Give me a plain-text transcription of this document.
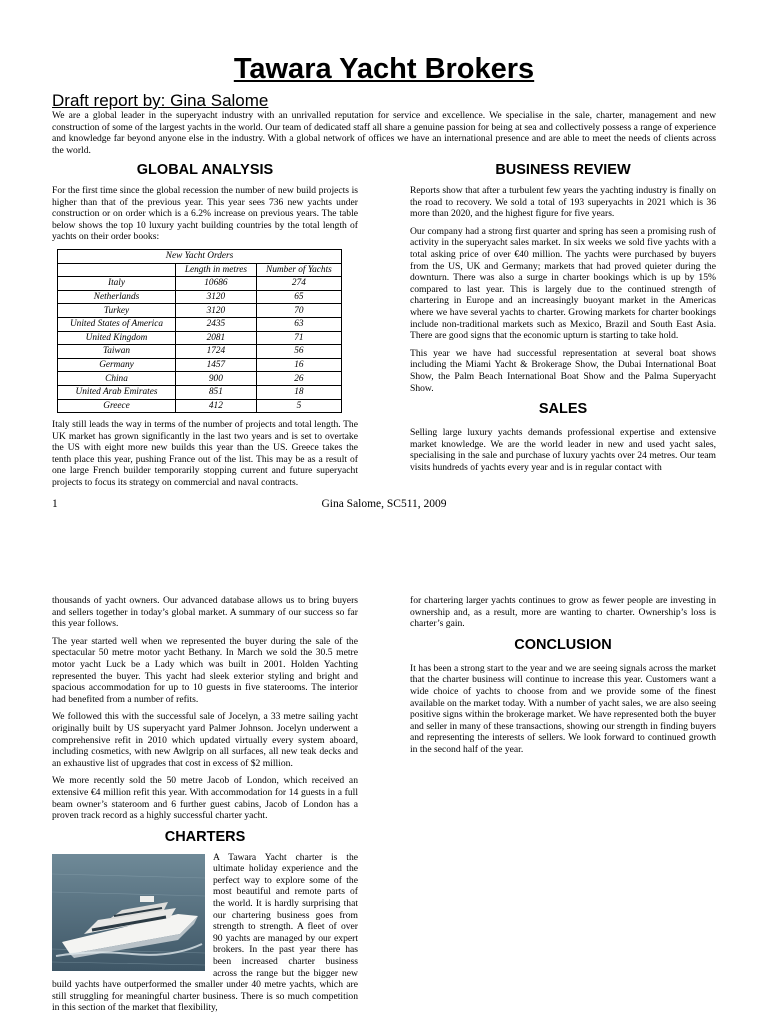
Tawara Yacht Brokers
Draft report by: Gina Salome

We are a global leader in the superyacht industry with an unrivalled reputation for service and excellence. We specialise in the sale, charter, management and new construction of some of the largest yachts in the world. Our team of dedicated staff all share a genuine passion for being at sea and collectively possess a range of experience and knowledge far beyond anyone else in the industry. With a global network of offices we have an international presence and are able to meet the needs of clients across the world.

GLOBAL ANALYSIS

For the first time since the global recession the number of new build projects is higher than that of the previous year. This year sees 736 new yachts under construction or on order which is a 6.2% increase on previous years. The table below shows the top 10 luxury yacht building countries by the total length of yachts on their order books:

New Yacht Orders		
	Length in metres	Number of Yachts
Italy	10686	274
Netherlands	3120	65
Turkey	3120	70
United States of America	2435	63
United Kingdom	2081	71
Taiwan	1724	56
Germany	1457	16
China	900	26
United Arab Emirates	851	18
Greece	412	5

Italy still leads the way in terms of the number of projects and total length. The UK market has grown significantly in the last two years and is set to overtake the US with eight more new builds this year than the US. Greece takes the tenth place this year, pushing France out of the list. This may be as a result of one large French builder temporarily stopping current and future superyacht projects to focus its strategy on commercial and naval contracts.

BUSINESS REVIEW

Reports show that after a turbulent few years the yachting industry is finally on the road to recovery. We sold a total of 193 superyachts in 2021 which is 36 more than 2020, and the highest figure for five years.

Our company had a strong first quarter and spring has seen a promising rush of activity in the superyacht sales market. In six weeks we sold five yachts with a total asking price of over €40 million. The yachts were purchased by buyers from the US, UK and Germany; markets that had proved quieter during the downturn. There was also a surge in charter bookings which is up by 15% compared to last year. This is largely due to the continued strength of chartering in Europe and an increasingly buoyant market in the Americas where we have several yachts to charter. Growing markets for charter bookings include non-traditional markets such as Mexico, Brazil and South East Asia. There are good signs that the economic upturn is starting to take hold.

This year we have had successful representation at several boat shows including the Miami Yacht & Brokerage Show, the Dubai International Boat Show, the Palm Beach International Boat Show and the Palma Superyacht Show.

SALES

Selling large luxury yachts demands professional expertise and extensive market knowledge. We are the world leader in new and used yacht sales, specialising in the sale and purchase of luxury yachts over 24 metres. Our team visits hundreds of yachts every year and is in regular contact with

1	Gina Salome, SC511, 2009

thousands of yacht owners. Our advanced database allows us to bring buyers and sellers together in today’s global market. A summary of our success so far this year follows.

The year started well when we represented the buyer during the sale of the spectacular 50 metre motor yacht Bethany. In March we sold the 30.5 metre motor yacht Luck be a Lady which was built in 2001. Holden Yachting represented the buyer. This yacht had sleek exterior styling and bright and spacious accommodation for up to 10 guests in five staterooms. The interior had benefited from a number of refits.

We followed this with the successful sale of Jocelyn, a 33 metre sailing yacht originally built by US superyacht yard Palmer Johnson. Jocelyn underwent a comprehensive refit in 2010 which updated virtually every system aboard, including cosmetics, with new Awlgrip on all surfaces, all new teak decks and an exhaustive list of upgrades that cost in excess of $2 million.

We more recently sold the 50 metre Jacob of London, which received an extensive €4 million refit this year. With accommodation for 14 guests in a full beam owner’s stateroom and 6 further guest cabins, Jacob of London has a proven track record as a highly successful charter yacht.

CHARTERS

A Tawara Yacht charter is the ultimate holiday experience and the perfect way to explore some of the most beautiful and remote parts of the world. It is hardly surprising that our chartering business goes from strength to strength. A fleet of over 90 yachts are managed by our expert brokers. In the past year there has been increased charter business across the range but the bigger new build yachts have outperformed the smaller under 40 metre yachts, which are still struggling for meaningful charter business. There is so much competition in this section of the market that flexibility,

for chartering larger yachts continues to grow as fewer people are investing in ownership and, as a result, more are wanting to charter. Ownership’s loss is charter’s gain.

CONCLUSION

It has been a strong start to the year and we are seeing signals across the market that the charter business will continue to increase this year. Customers want a wide choice of yachts to choose from and we provide some of the finest available on the market today. With a number of yacht sales, we are also seeing positive signs within the brokerage market. We have represented both the buyer and seller in many of these transactions, showing our strength in finding buyers and representing the interests of sellers. We look forward to continued growth in the second half of the year.
